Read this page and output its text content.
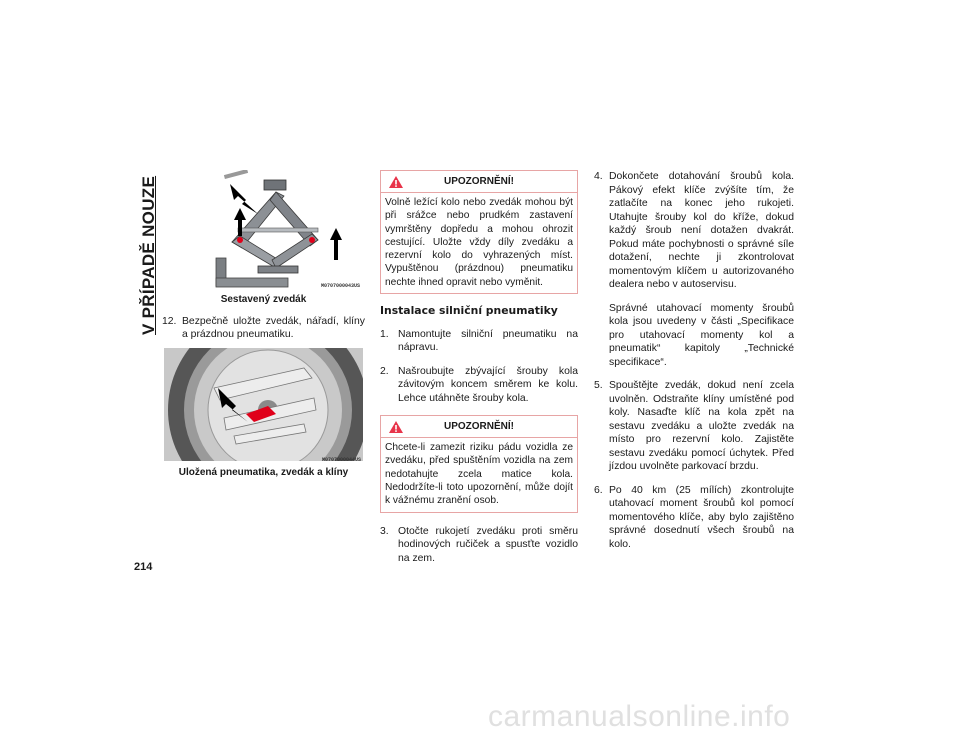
V PŘÍPADĚ NOUZE
214
M0707000043US
Sestavený zvedák
12. Bezpečně uložte zvedák, nářadí, klíny a prázdnou pneumatiku.
M0707000044US
Uložená pneumatika, zvedák a klíny
UPOZORNĚNÍ!
Volně ležící kolo nebo zvedák mohou být při srážce nebo prudkém zastavení vymrštěny dopředu a mohou ohrozit cestující. Uložte vždy díly zvedáku a rezervní kolo do vyhrazených míst. Vypuštěnou (prázdnou) pneumatiku nechte ihned opravit nebo vyměnit.
Instalace silniční pneumatiky
1. Namontujte silniční pneumatiku na nápravu.
2. Našroubujte zbývající šrouby kola závitovým koncem směrem ke kolu. Lehce utáhněte šrouby kola.
UPOZORNĚNÍ!
Chcete-li zamezit riziku pádu vozidla ze zvedáku, před spuštěním vozidla na zem nedotahujte zcela matice kola. Nedodržíte-li toto upozornění, může dojít k vážnému zranění osob.
3. Otočte rukojetí zvedáku proti směru hodinových ručiček a spusťte vozidlo na zem.
4. Dokončete dotahování šroubů kola. Pákový efekt klíče zvýšíte tím, že zatlačíte na konec jeho rukojeti. Utahujte šrouby kol do kříže, dokud každý šroub není dotažen dvakrát. Pokud máte pochybnosti o správné síle dotažení, nechte ji zkontrolovat momentovým klíčem u autorizovaného dealera nebo v autoservisu.
Správné utahovací momenty šroubů kola jsou uvedeny v části „Specifikace pro utahovací momenty kol a pneumatik“ kapitoly „Technické specifikace“.
5. Spouštějte zvedák, dokud není zcela uvolněn. Odstraňte klíny umístěné pod koly. Nasaďte klíč na kola zpět na sestavu zvedáku a uložte zvedák na místo pro rezervní kolo. Zajistěte sestavu zvedáku pomocí úchytek. Před jízdou uvolněte parkovací brzdu.
6. Po 40 km (25 mílích) zkontrolujte utahovací moment šroubů kol pomocí momentového klíče, aby bylo zajištěno správné dosednutí všech šroubů na kolo.
carmanualsonline.info
